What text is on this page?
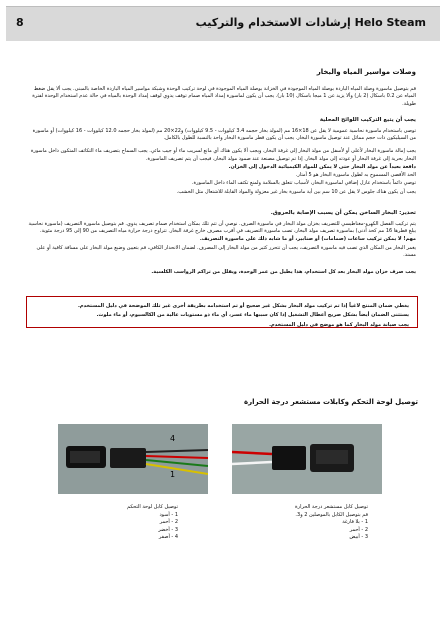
8	Helo Steam إرشادات الاستخدام والتركيب
وصلات مواسير المياه والبخار

قم بتوصيل ماسورة وصلة المياه الباردة بوصلة المياه الموجودة في الخزانة بوصلة المياه الموجودة في لوحة تركيب الوحدة وشبكة مواسير المياه الباردة الخاصة بالمبنى. يجب ألا يقل ضغط المياه عن 0.2 باسكال (2 بار) وألا يزيد عن 1 ميجا باسكال (10 بار). يجب أن يكون لماسورة إمداد المياه صمام توقف يدوي لوقف إمداد الوحدة بالمياه في حالة عدم استخدام الوحدة لفترة طويلة.

يجب أن يتبع التركيب اللوائح المحلية

توصى باستخدام ماسورة نحاسية عمومية لا يقل عن 18×16 مم (لمولد بخار حجمه 3.4 كيلووات - 9.5 كيلووات) و22×20 مم (لمولد بخار حجمه 12.0 كيلووات - 16 كيلووات) أو ماسورة من السيليكون ذات حجم مماثل عند توصيل ماسورة البخار. يجب أن يكون قطر ماسورة البخار واحد بالنسبة للطول بالكامل.

يجب إمالة ماسورة البخار لأعلى أو لأسفل من مولد البخار إلى غرفة البخار، ويجب ألا يكون هناك أي مانع لسريب ماء أو جيب مائي. يجب السماح بتصريف ماء التكاثف المتكون داخل ماسورة البخار بحرية إلى غرفة البخار أو عودته إلى مولد البخار. إذا تم توصيل مصنعة عند صمود مولد البخار، فيجب أن يتم تصريف الماسورة.

دافعة بعيداً عن مولد البخار حتى لا يمكن للمواد الكيميائية الدخول إلى الخزان.

الحد الأقصى المسموح به لطول ماسورة البخار هو 5 أمتار.

توصي دائماً باستخدام عازل إضافي لماسورة البخار، لأسباب تتعلق بالسلامة ولمنع تكثف الماء داخل الماسورة.

يجب أن يكون هناك جلوس لا يقل عن 10 سم بين أية ماسورة بخار غير معزولة والمواد القابلة للاشتعال مثل الخشب.

تحذير: البخار الساخن يمكن أن يسبب الإصابة بالحروق.

يتم تركيب الفصل الكهرو-مغناطيسي للتصريف بخزان مولد البخار في ماسورة الصرف. نوصي أن تتم تلك بمكان استخدام صمام تصريف يدوي. قم بتوصيل ماسورة التصريف (ماسورة نحاسية يبلغ قطرها 16 مم كحد أدنى) بماسورة تصريف مولد البخار، تصب ماسورة التصريف في أقرب مصرف خارج غرفة البخار. تتراوح درجة حرارة مياه التصريف من 90 إلى 95 درجة مئوية.

مهم! لا يمكن تركيب ساعات (صمامات) أو صنابير، أو ما شابه ذلك على ماسورة التصريف.

يغمر البخار من المكان الذي تصب فيه ماسورة التصريف، يجب أن تتحرر كثير من مولد البخار إلى المصرف. لضمان الانحدار الكافي، قم بتعيين وضبع مولد البخار على مسافة كافية أو على مسند.

يجب صرف خزان مولد البخار بعد كل استخدام، هذا يطيل من عمر الوحدة، ويقلل من تراكم الرواسب الكلسية.

يغطي ضمان المنتج لاغياً إذا تم تركيب مولد البخار بشكل غير صحيح أو تم استخدامه بطريقة أخرى غير تلك الموضحة في دليل المستخدم.

يستثنى الضمان أيضاً بشكل صريح أعطال التشغيل إذا كان سببها ماء عسر، أي ماء ذو مستويات عالية من الكالسيوم، أو ماء ملوث.

يجب صيانة مولد البخار كما هو موضح في دليل المستخدم.

توصيل لوحة التحكم وكابلات مستشعر درجة الحرارة
4
1
توصيل كابل لوحة التحكم
1 - أسود
2 - أحمر
3 - أخضر
4 - أصفر
توصيل كابل مستشعر درجة الحرارة
قم بتوصيل الكابل بالموصلين 2 و3.
1 - بلا فارغة
2 - أحمر
3 - أبيض
